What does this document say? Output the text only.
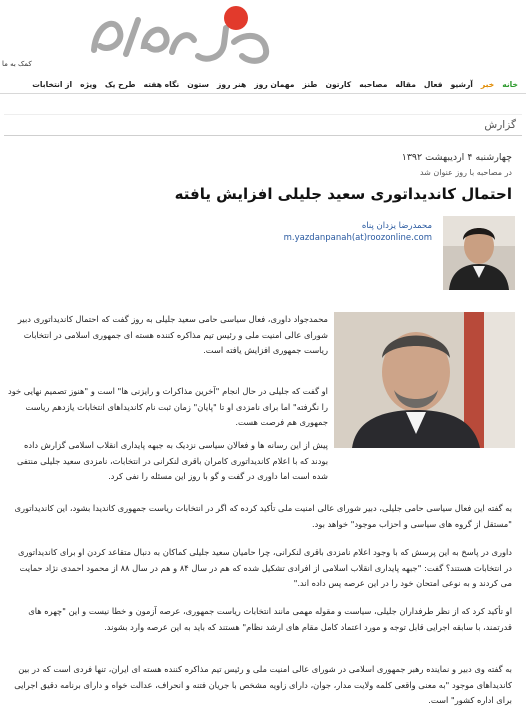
کمک به ما
خانه
خبر
آرشیو
فعال
مقاله
مصاحبه
کارتون
طنز
مهمان روز
هنر روز
ستون
نگاه هفته
طرح یک
ویژه
از انتخابات
گزارش
چهارشنبه ۴ اردیبهشت ۱۳۹۲
در مصاحبه با روز عنوان شد
احتمال کاندیداتوری سعید جلیلی افزایش یافته
محمدرضا یزدان پناه
m.yazdanpanah(at)roozonline.com

محمدجواد داوری، فعال سیاسی حامی سعید جلیلی به روز گفت که احتمال کاندیداتوری دبیر شورای عالی امنیت ملی و رئیس تیم مذاکره کننده هسته ای جمهوری اسلامی در انتخابات ریاست جمهوری افزایش یافته است.

او گفت که جلیلی در حال انجام "آخرین مذاکرات و رایزنی ها" است و "هنوز تصمیم نهایی خود را نگرفته" اما برای نامزدی او تا "پایان" زمان ثبت نام کاندیداهای انتخابات یازدهم ریاست جمهوری هم فرصت هست.

پیش از این رسانه ها و فعالان سیاسی نزدیک به جبهه پایداری انقلاب اسلامی گزارش داده بودند که با اعلام کاندیداتوری کامران باقری لنکرانی در انتخابات، نامزدی سعید جلیلی منتفی شده است اما داوری در گفت و گو با روز این مسئله را نفی کرد.

به گفته این فعال سیاسی حامی جلیلی، دبیر شورای عالی امنیت ملی تأکید کرده که اگر در انتخابات ریاست جمهوری کاندیدا بشود، این کاندیداتوری "مستقل از گروه های سیاسی و احزاب موجود" خواهد بود.

داوری در پاسخ به این پرسش که با وجود اعلام نامزدی باقری لنکرانی، چرا حامیان سعید جلیلی کماکان به دنبال متقاعد کردن او برای کاندیداتوری در انتخابات هستند؟ گفت: "جبهه پایداری انقلاب اسلامی از افرادی تشکیل شده که هم در سال ۸۴ و هم در سال ۸۸ از محمود احمدی نژاد حمایت می کردند و به نوعی امتحان خود را در این عرصه پس داده اند."

او تأکید کرد که از نظر طرفداران جلیلی، سیاست و مقوله مهمی مانند انتخابات ریاست جمهوری، عرصه آزمون و خطا نیست و این "چهره های قدرتمند، با سابقه اجرایی قابل توجه و مورد اعتماد کامل مقام های ارشد نظام" هستند که باید به این عرصه وارد بشوند.

به گفته وی دبیر و نماینده رهبر جمهوری اسلامی در شورای عالی امنیت ملی و رئیس تیم مذاکره کننده هسته ای ایران، تنها فردی است که در بین کاندیداهای موجود "به معنی واقعی کلمه ولایت مدار، جوان، دارای زاویه مشخص با جریان فتنه و انحراف، عدالت خواه و دارای برنامه دقیق اجرایی برای اداره کشور" است.
